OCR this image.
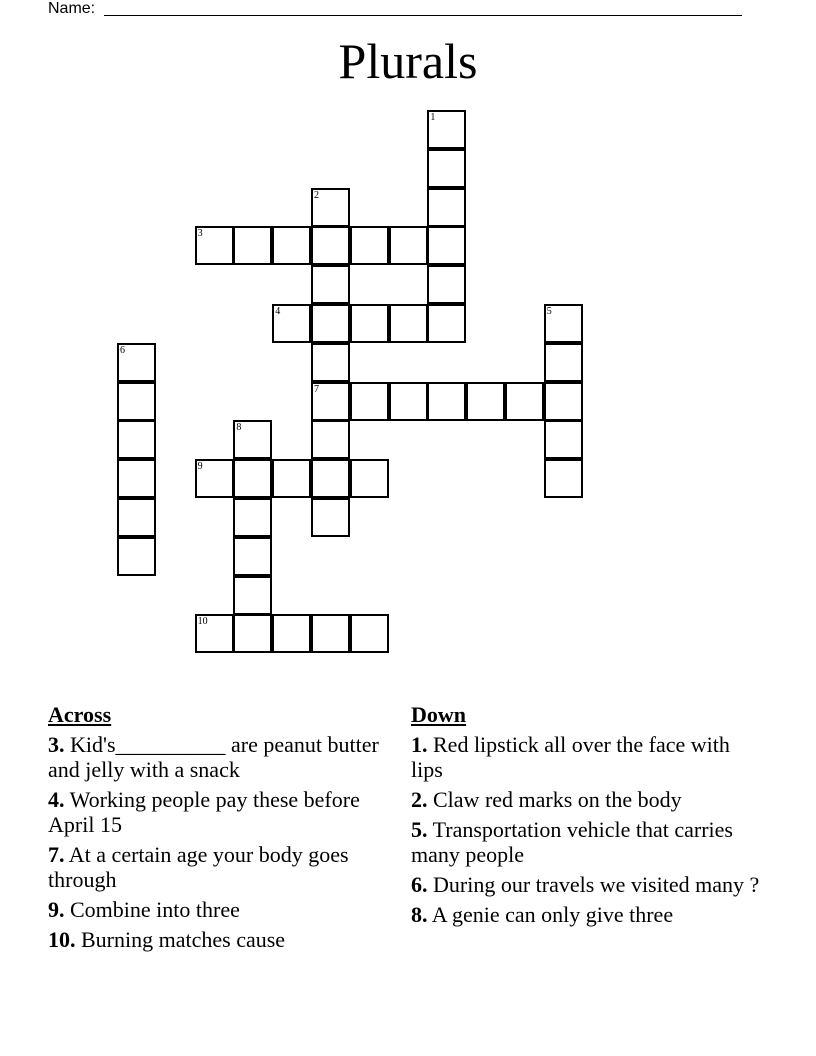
Name:
Plurals
1
2
3
4	5
6
7
8
9
10
Across
3. Kid's__________ are peanut butter and jelly with a snack
4. Working people pay these before April 15
7. At a certain age your body goes through
9. Combine into three
10. Burning matches cause
Down
1. Red lipstick all over the face with lips
2. Claw red marks on the body
5. Transportation vehicle that carries many people
6. During our travels we visited many ?
8. A genie can only give three
